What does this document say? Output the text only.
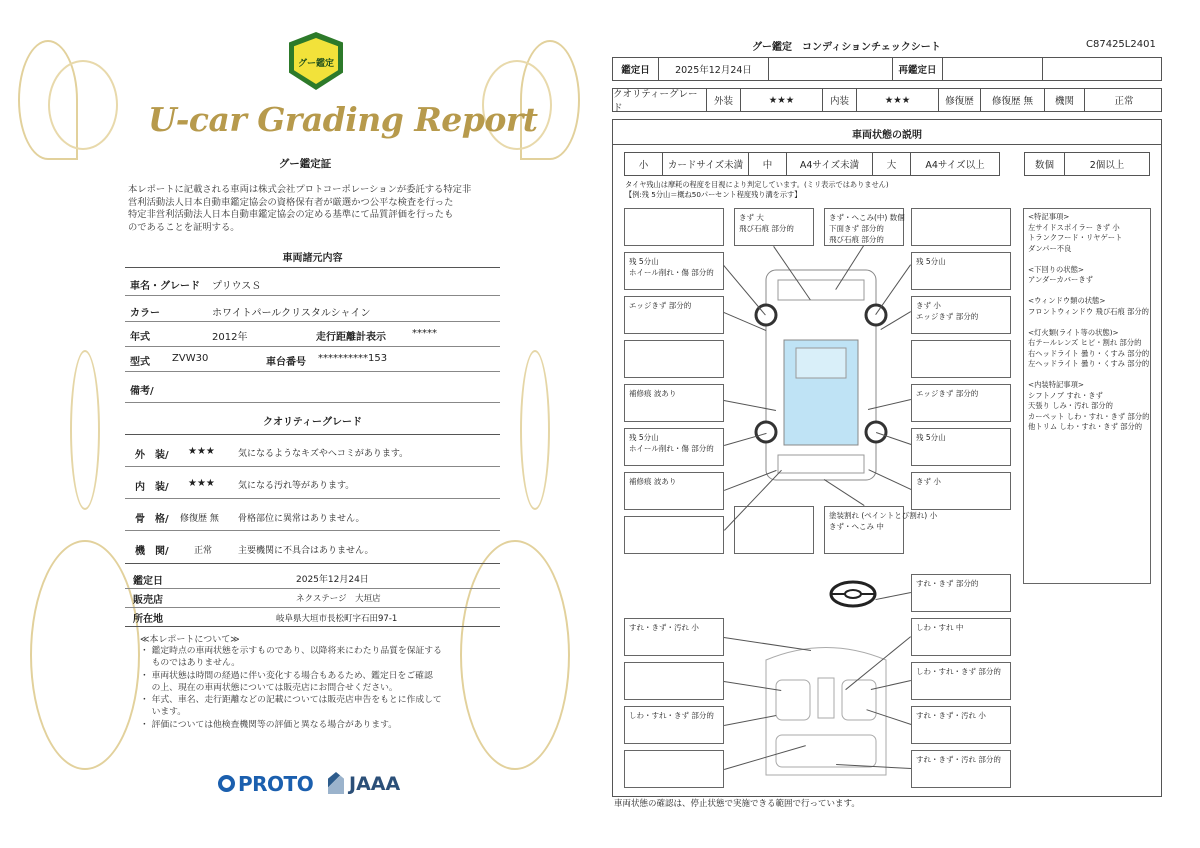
グー鑑定
U-car Grading Report
グー鑑定証
本レポートに記載される車両は株式会社プロトコーポレーションが委託する特定非
営利活動法人日本自動車鑑定協会の資格保有者が厳選かつ公平な検査を行った
特定非営利活動法人日本自動車鑑定協会の定める基準にて品質評価を行ったも
のであることを証明する。
車両諸元内容
車名・グレード プリウスＳ
カラー	ホワイトパールクリスタルシャイン
年式	2012年	走行距離計表示	*****
型式 ZVW30	車台番号 **********153
備考/
クオリティーグレード
外　装/ ★★★	気になるようなキズやヘコミがあります。
内　装/ ★★★	気になる汚れ等があります。
骨　格/ 修復歴 無 骨格部位に異常はありません。
機　関/	正常	主要機関に不具合はありません。
鑑定日	2025年12月24日
販売店	ネクステージ　大垣店
所在地	岐阜県大垣市長松町字石田97-1
≪本レポートについて≫
・ 鑑定時点の車両状態を示すものであり、以降将来にわたり品質を保証する
　 ものではありません。
・ 車両状態は時間の経過に伴い変化する場合もあるため、鑑定日をご確認
　 の上、現在の車両状態については販売店にお問合せください。
・ 年式、車名、走行距離などの記載については販売店申告をもとに作成して
　 います。
・ 評価については他検査機関等の評価と異なる場合があります。
PROTO JAAA
グー鑑定　コンディションチェックシート	C87425L2401
鑑定日	2025年12月24日	再鑑定日
クオリティーグレード
外装	★★★	内装	★★★	修復歴	修復歴 無	機関	正常
車両状態の説明
小	カードサイズ未満	中	A4サイズ未満	大	A4サイズ以上	数個	2個以上
タイヤ残山は摩耗の程度を目視により判定しています。(ミリ表示ではありません)
【例:残 5分山＝概ね50パーセント程度残り溝を示す】
きず 大
飛び石痕 部分的
きず・へこみ(中) 数個
下面きず 部分的
飛び石痕 部分的
残 5分山
ホイール削れ・傷 部分的
残 5分山
エッジきず 部分的	きず 小
エッジきず 部分的
補修痕 波あり	エッジきず 部分的
残 5分山
ホイール削れ・傷 部分的
残 5分山
補修痕 波あり	きず 小
塗装割れ (ペイントとび割れ)
きず・へこみ 中
<特記事項>
左サイドスポイラー きず 小
トランクフード・リヤゲート
ダンパー不良

<下回りの状態>
アンダーカバーきず

<ウィンドウ類の状態>
フロントウィンドウ 飛び石痕 部分的

<灯火類(ライト等の状態)>
右テールレンズ ヒビ・割れ 部分的
右ヘッドライト 曇り・くすみ 部分的
左ヘッドライト 曇り・くすみ 部分的

<内装特記事項>
シフトノブ すれ・きず
天張り しみ・汚れ 部分的
カーペット しわ・すれ・きず 部分的
他トリム しわ・すれ・きず 部分的
すれ・きず 部分的
すれ・きず・汚れ 小	しわ・すれ 中
しわ・すれ・きず 部分的
しわ・すれ・きず 部分的	すれ・きず・汚れ 小
すれ・きず・汚れ 部分的
車両状態の確認は、停止状態で実施できる範囲で行っています。
